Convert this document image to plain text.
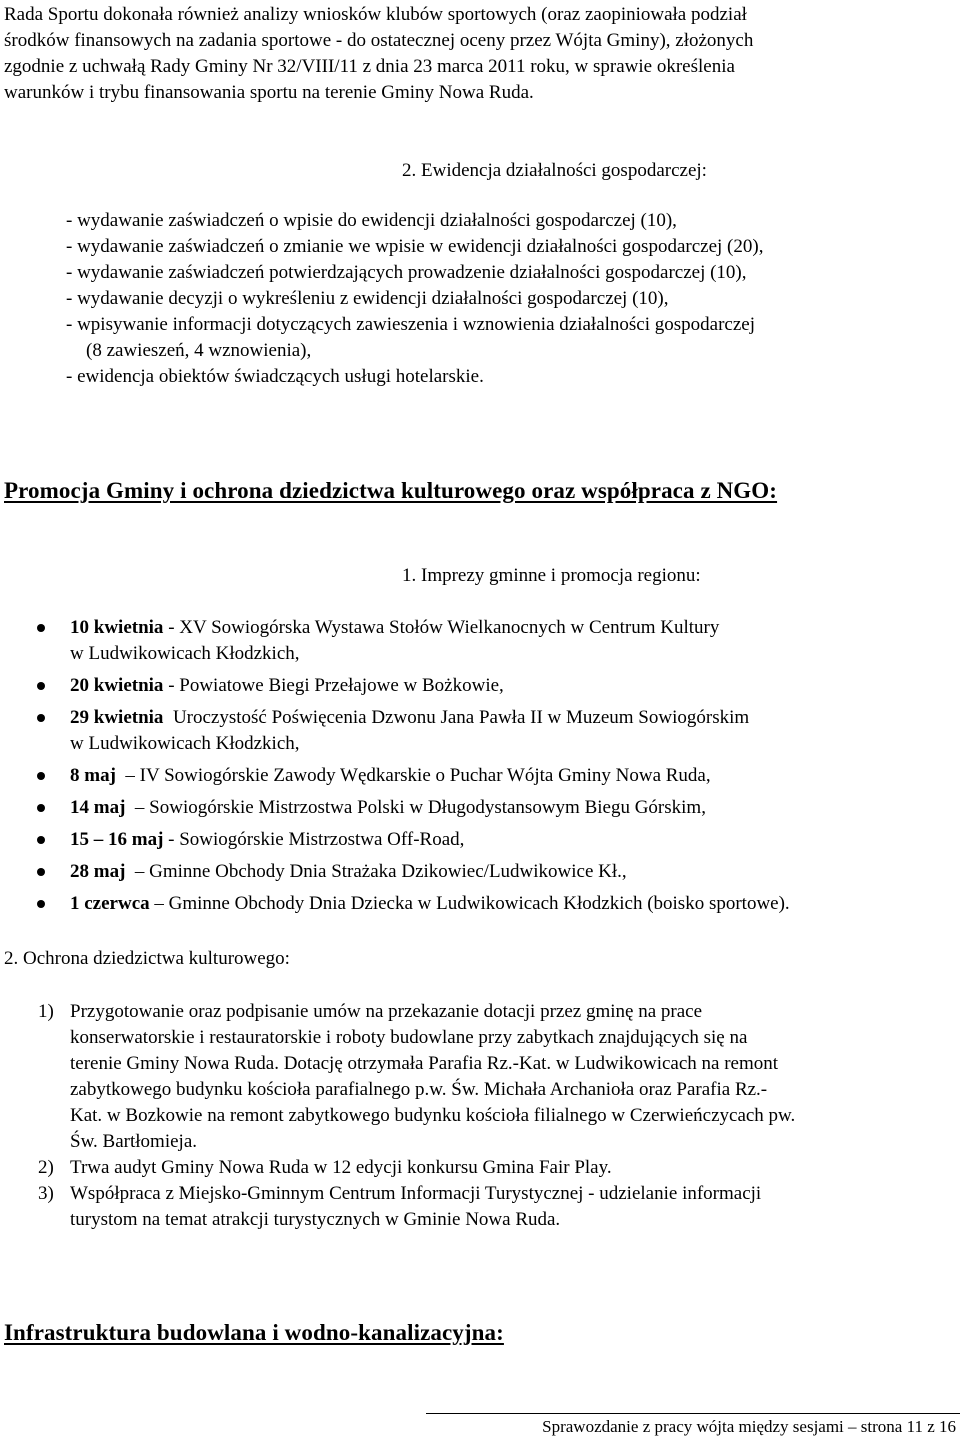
Rada Sportu dokonała również analizy wniosków klubów sportowych (oraz zaopiniowała podział
środków finansowych na zadania sportowe - do ostatecznej oceny przez Wójta Gminy), złożonych
zgodnie z uchwałą Rady Gminy Nr 32/VIII/11 z dnia 23 marca 2011 roku, w sprawie określenia
warunków i trybu finansowania sportu na terenie Gminy Nowa Ruda.

2. Ewidencja działalności gospodarczej:
- wydawanie zaświadczeń o wpisie do ewidencji działalności gospodarczej (10),
- wydawanie zaświadczeń o zmianie we wpisie w ewidencji działalności gospodarczej (20),
- wydawanie zaświadczeń potwierdzających prowadzenie działalności gospodarczej (10),
- wydawanie decyzji o wykreśleniu z ewidencji działalności gospodarczej (10),
- wpisywanie informacji dotyczących zawieszenia i wznowienia działalności gospodarczej
(8 zawieszeń, 4 wznowienia),
- ewidencja obiektów świadczących usługi hotelarskie.
Promocja Gminy i ochrona dziedzictwa kulturowego oraz współpraca z NGO:
1. Imprezy gminne i promocja regionu:
10 kwietnia - XV Sowiogórska Wystawa Stołów Wielkanocnych w Centrum Kultury
w Ludwikowicach Kłodzkich,
20 kwietnia - Powiatowe Biegi Przełajowe w Bożkowie,
29 kwietnia Uroczystość Poświęcenia Dzwonu Jana Pawła II w Muzeum Sowiogórskim
w Ludwikowicach Kłodzkich,
8 maj  – IV Sowiogórskie Zawody Wędkarskie o Puchar Wójta Gminy Nowa Ruda,
14 maj  – Sowiogórskie Mistrzostwa Polski w Długodystansowym Biegu Górskim,
15 – 16 maj - Sowiogórskie Mistrzostwa Off-Road,
28 maj  – Gminne Obchody Dnia Strażaka Dzikowiec/Ludwikowice Kł.,
1 czerwca – Gminne Obchody Dnia Dziecka w Ludwikowicach Kłodzkich (boisko sportowe).
2. Ochrona dziedzictwa kulturowego:
1) Przygotowanie oraz podpisanie umów na przekazanie dotacji przez gminę na prace
konserwatorskie i restauratorskie i roboty budowlane przy zabytkach znajdujących się na
terenie Gminy Nowa Ruda. Dotację otrzymała Parafia Rz.-Kat. w Ludwikowicach na remont
zabytkowego budynku kościoła parafialnego p.w. Św. Michała Archanioła oraz Parafia Rz.-
Kat. w Bozkowie na remont zabytkowego budynku kościoła filialnego w Czerwieńczycach pw.
Św. Bartłomieja.
2) Trwa audyt Gminy Nowa Ruda w 12 edycji konkursu Gmina Fair Play.
3) Współpraca z Miejsko-Gminnym Centrum Informacji Turystycznej - udzielanie informacji
turystom na temat atrakcji turystycznych w Gminie Nowa Ruda.
Infrastruktura budowlana i wodno-kanalizacyjna:
Sprawozdanie z pracy wójta między sesjami – strona 11 z 16
